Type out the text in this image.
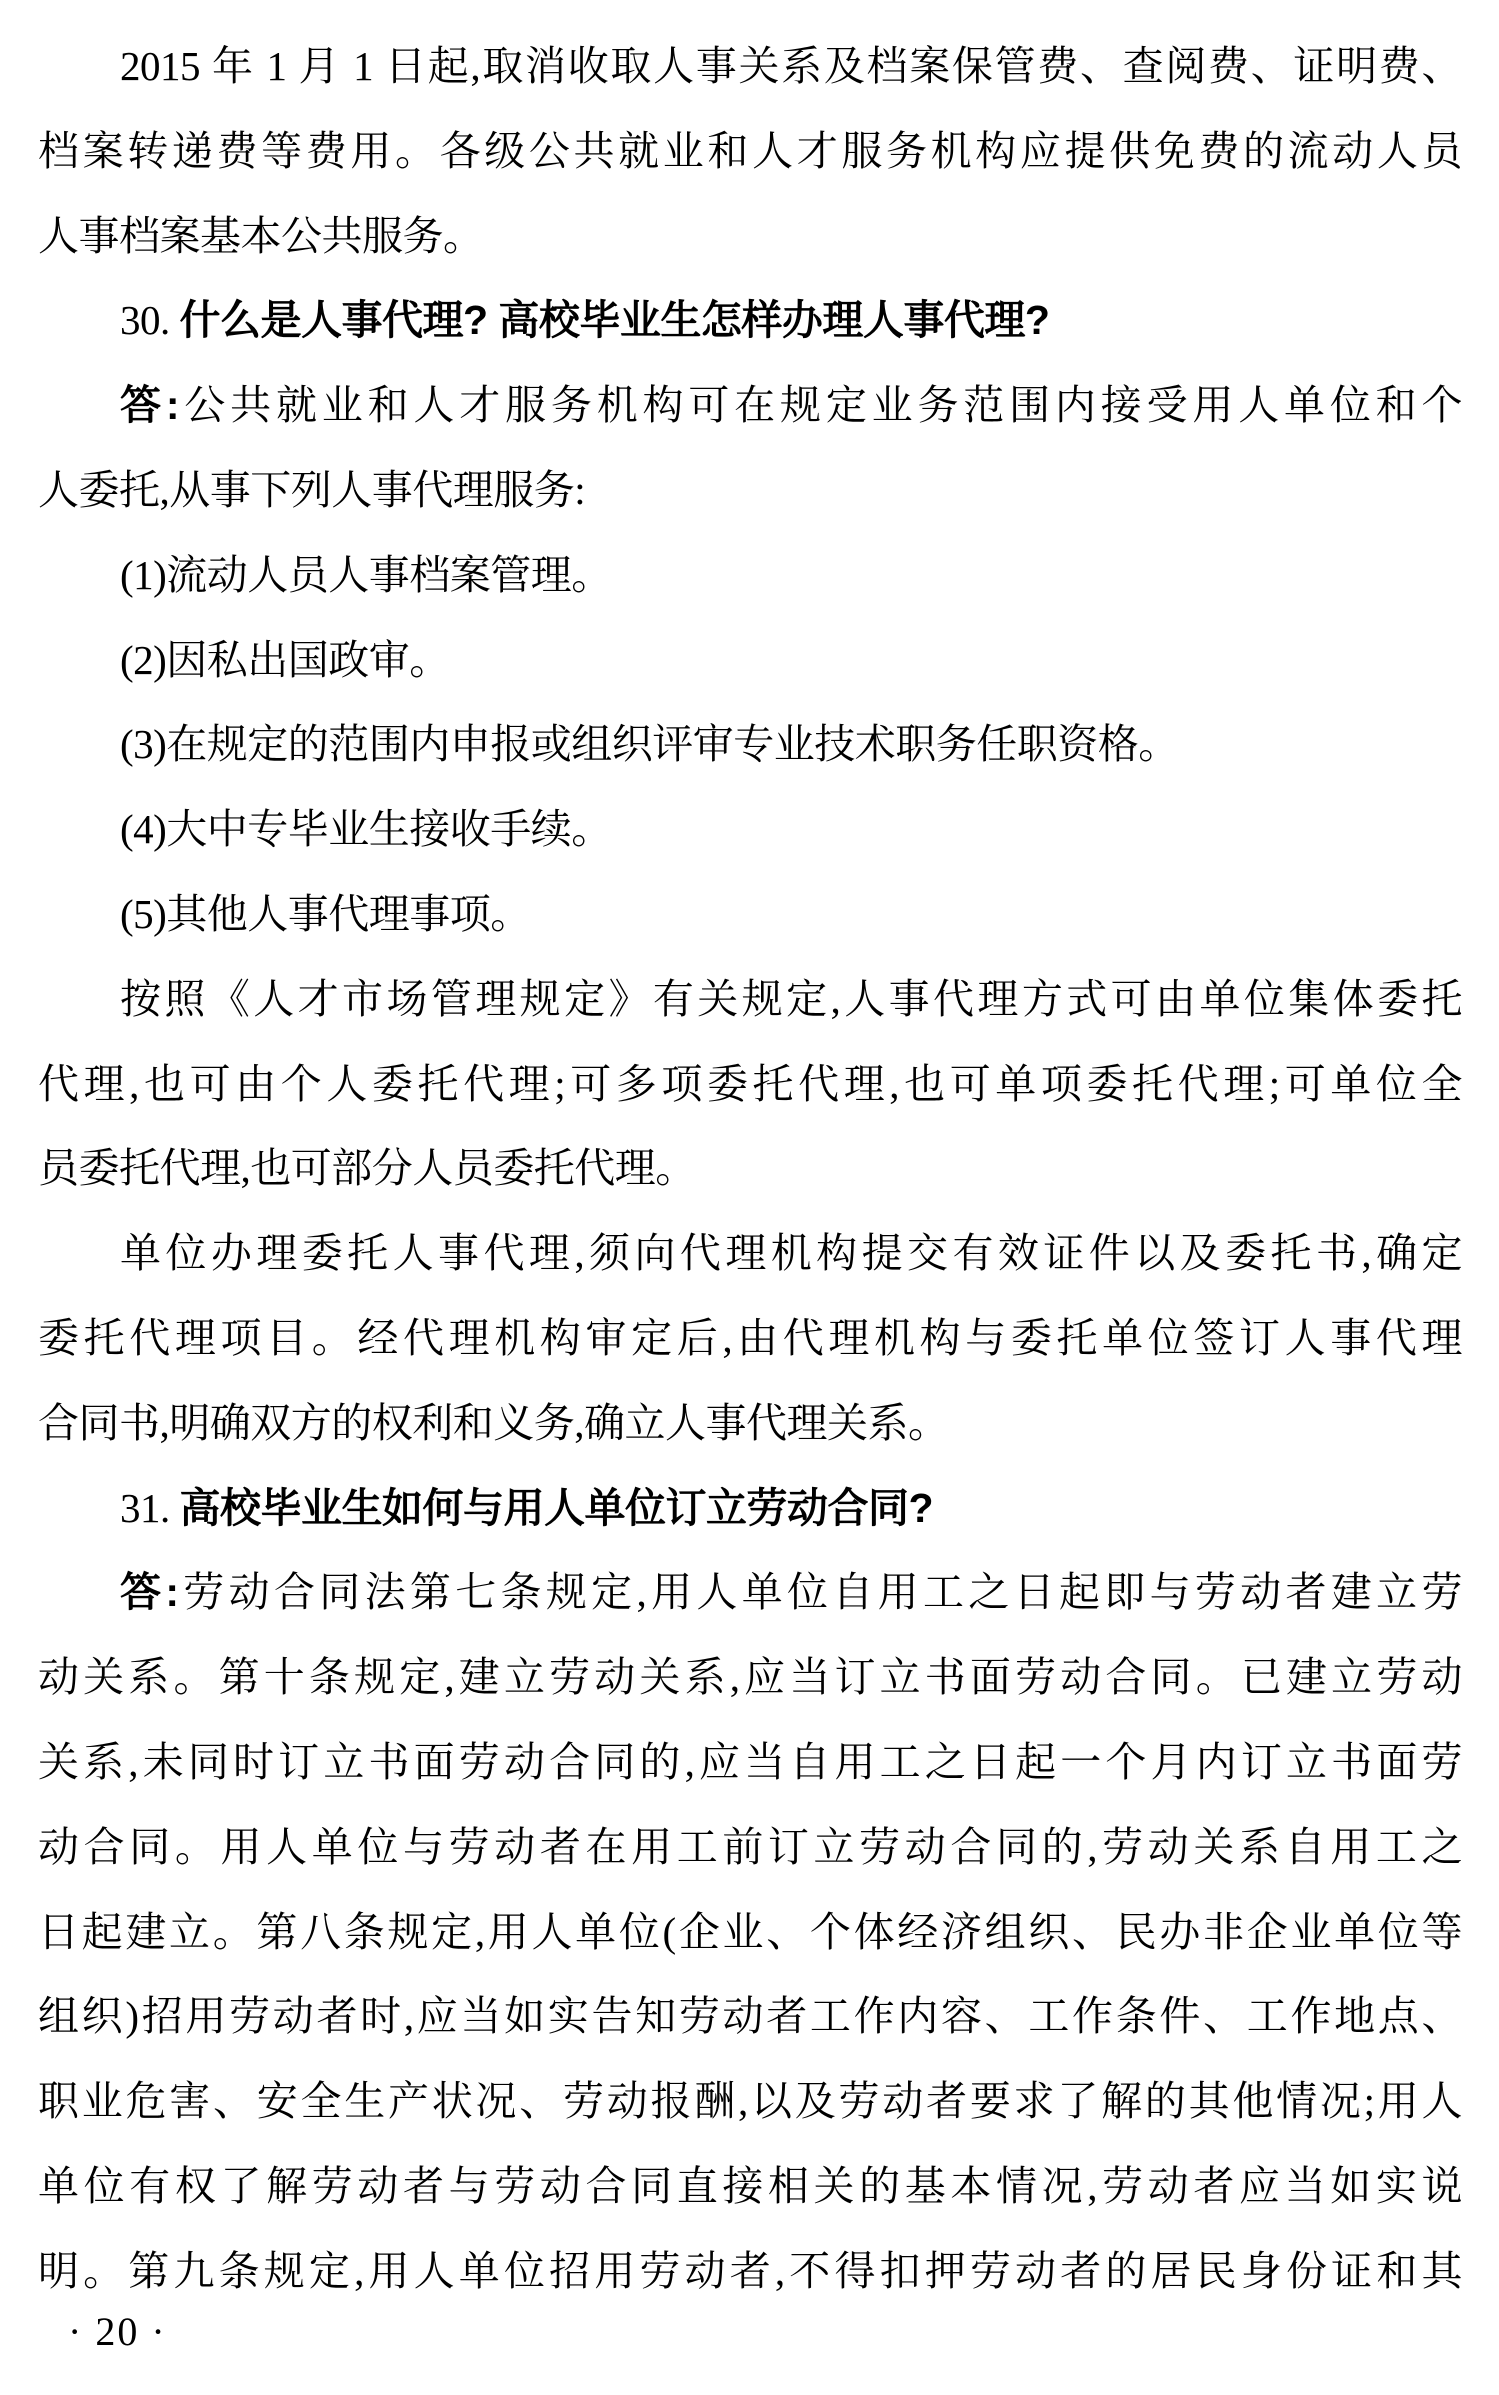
2015 年 1 月 1 日起,取消收取人事关系及档案保管费、查阅费、证明费、
档案转递费等费用。各级公共就业和人才服务机构应提供免费的流动人员
人事档案基本公共服务。
30. 什么是人事代理? 高校毕业生怎样办理人事代理?
答:公共就业和人才服务机构可在规定业务范围内接受用人单位和个
人委托,从事下列人事代理服务:
(1)流动人员人事档案管理。
(2)因私出国政审。
(3)在规定的范围内申报或组织评审专业技术职务任职资格。
(4)大中专毕业生接收手续。
(5)其他人事代理事项。
按照《人才市场管理规定》有关规定,人事代理方式可由单位集体委托
代理,也可由个人委托代理;可多项委托代理,也可单项委托代理;可单位全
员委托代理,也可部分人员委托代理。
单位办理委托人事代理,须向代理机构提交有效证件以及委托书,确定
委托代理项目。经代理机构审定后,由代理机构与委托单位签订人事代理
合同书,明确双方的权利和义务,确立人事代理关系。
31. 高校毕业生如何与用人单位订立劳动合同?
答:劳动合同法第七条规定,用人单位自用工之日起即与劳动者建立劳
动关系。第十条规定,建立劳动关系,应当订立书面劳动合同。已建立劳动
关系,未同时订立书面劳动合同的,应当自用工之日起一个月内订立书面劳
动合同。用人单位与劳动者在用工前订立劳动合同的,劳动关系自用工之
日起建立。第八条规定,用人单位(企业、个体经济组织、民办非企业单位等
组织)招用劳动者时,应当如实告知劳动者工作内容、工作条件、工作地点、
职业危害、安全生产状况、劳动报酬,以及劳动者要求了解的其他情况;用人
单位有权了解劳动者与劳动合同直接相关的基本情况,劳动者应当如实说
明。第九条规定,用人单位招用劳动者,不得扣押劳动者的居民身份证和其
· 20 ·
